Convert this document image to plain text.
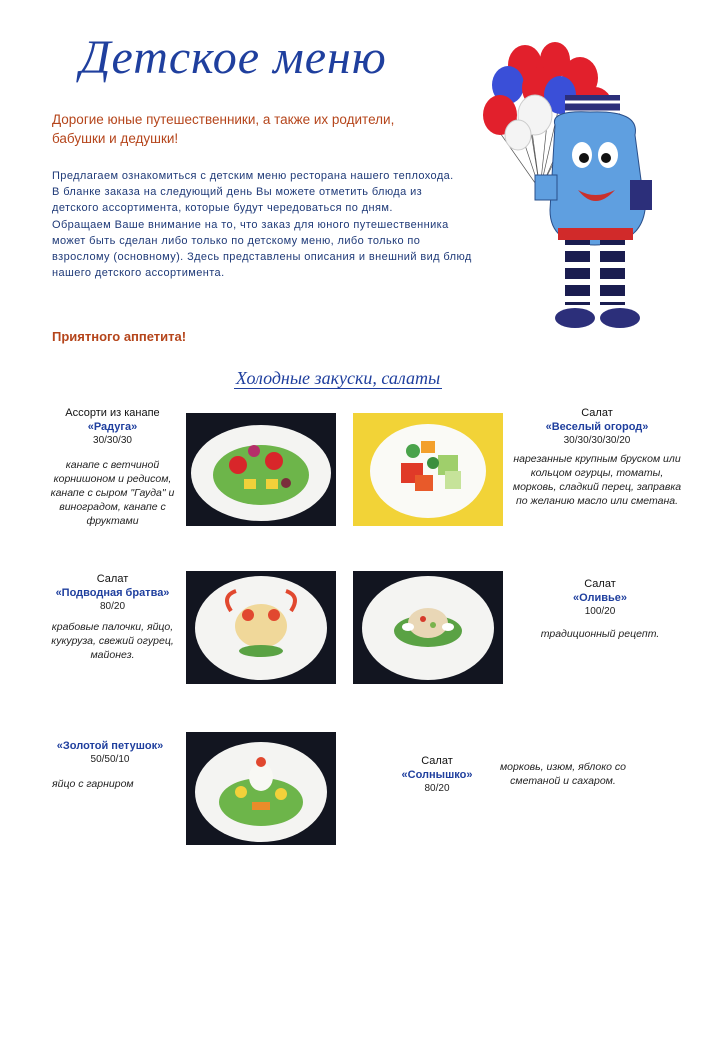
Детское меню
Дорогие юные путешественники, а также их родители, бабушки и дедушки!

Предлагаем ознакомиться с детским меню ресторана нашего теплохода.

В бланке заказа на следующий день Вы можете отметить блюда из детского ассортимента, которые будут чередоваться по дням.

Обращаем Ваше внимание на то, что заказ для юного путешественника может быть сделан либо только по детскому меню, либо только по взрослому (основному). Здесь представлены описания и внешний вид блюд нашего детского ассортимента.

Приятного аппетита!
Холодные закуски, салаты
Ассорти из канапе
«Радуга»
30/30/30
канапе с ветчиной корнишоном и редисом, канапе с сыром "Гауда" и виноградом, канапе с фруктами
Салат
«Веселый огород»
30/30/30/30/20
нарезанные крупным бруском или кольцом огурцы, томаты, морковь, сладкий перец, заправка по желанию масло или сметана.
Салат
«Подводная братва»
80/20
крабовые палочки, яйцо, кукуруза, свежий огурец, майонез.
Салат
«Оливье»
100/20
традиционный рецепт.
«Золотой петушок»
50/50/10
яйцо с гарниром
Салат
«Солнышко»
80/20
морковь, изюм, яблоко со сметаной и сахаром.
